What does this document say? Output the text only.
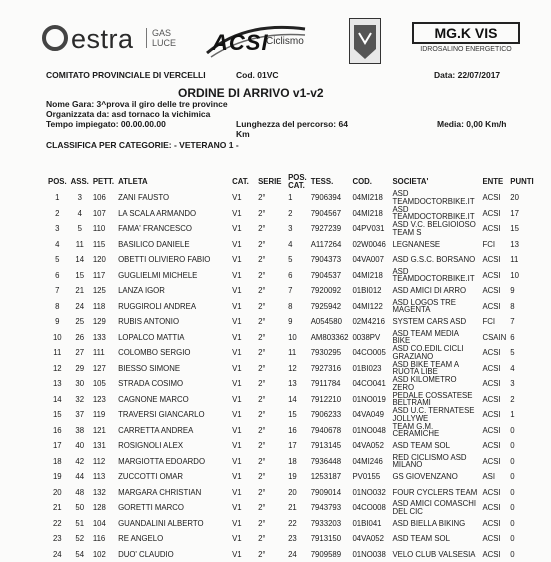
estra	GAS
LUCE ACSI
Ciclismo
MG.K VIS
IDROSALINO ENERGETICO
COMITATO PROVINCIALE DI VERCELLI	Cod. 01VC	Data: 22/07/2017
ORDINE DI ARRIVO v1-v2
Nome Gara: 3^prova il giro delle tre province
Organizzata da: asd tornaco la vichimica
Tempo impiegato: 00.00.00.00	Lunghezza del percorso: 64
Km
Media: 0,00 Km/h
CLASSIFICA PER CATEGORIE: - VETERANO 1 -
POS.	ASS.	PETT.	ATLETA	CAT.	SERIE	POS. CAT.	TESS.	COD.	SOCIETA'	ENTE	PUNTI
1	3	106	ZANI FAUSTO	V1	2°	1	7906394	04MI218	ASD TEAMDOCTORBIKE.IT	ACSI	20
2	4	107	LA SCALA ARMANDO	V1	2°	2	7904567	04MI218	ASD TEAMDOCTORBIKE.IT	ACSI	17
3	5	110	FAMA' FRANCESCO	V1	2°	3	7927239	04PV031	ASD V.C. BELGIOIOSO TEAM S	ACSI	15
4	11	115	BASILICO DANIELE	V1	2°	4	A117264	02W0046	LEGNANESE	FCI	13
5	14	120	OBETTI OLIVIERO FABIO	V1	2°	5	7904373	04VA007	ASD G.S.C. BORSANO	ACSI	11
6	15	117	GUGLIELMI MICHELE	V1	2°	6	7904537	04MI218	ASD TEAMDOCTORBIKE.IT	ACSI	10
7	21	125	LANZA IGOR	V1	2°	7	7920092	01BI012	ASD AMICI DI ARRO	ACSI	9
8	24	118	RUGGIROLI ANDREA	V1	2°	8	7925942	04MI122	ASD LOGOS TRE MAGENTA	ACSI	8
9	25	129	RUBIS ANTONIO	V1	2°	9	A054580	02M4216	SYSTEM CARS ASD	FCI	7
10	26	133	LOPALCO MATTIA	V1	2°	10	AM803362	0038PV	ASD TEAM MEDIA BIKE	CSAIN	6
11	27	111	COLOMBO SERGIO	V1	2°	11	7930295	04CO005	ASD CO.EDIL CICLI GRAZIANO	ACSI	5
12	29	127	BIESSO SIMONE	V1	2°	12	7927316	01BI023	ASD BIKE TEAM A RUOTA LIBE	ACSI	4
13	30	105	STRADA COSIMO	V1	2°	13	7911784	04CO041	ASD KILOMETRO ZERO	ACSI	3
14	32	123	CAGNONE MARCO	V1	2°	14	7912210	01NO019	PEDALE COSSATESE BELTRAMI	ACSI	2
15	37	119	TRAVERSI GIANCARLO	V1	2°	15	7906233	04VA049	ASD U.C. TERNATESE JOLLYWE	ACSI	1
16	38	121	CARRETTA ANDREA	V1	2°	16	7940678	01NO048	TEAM G.M. CERAMICHE	ACSI	0
17	40	131	ROSIGNOLI ALEX	V1	2°	17	7913145	04VA052	ASD TEAM SOL	ACSI	0
18	42	112	MARGIOTTA EDOARDO	V1	2°	18	7936448	04MI246	RED CICLISMO ASD MILANO	ACSI	0
19	44	113	ZUCCOTTI OMAR	V1	2°	19	1253187	PV0155	GS GIOVENZANO	ASI	0
20	48	132	MARGARA CHRISTIAN	V1	2°	20	7909014	01NO032	FOUR CYCLERS TEAM	ACSI	0
21	50	128	GORETTI MARCO	V1	2°	21	7943793	04CO008	ASD AMICI COMASCHI DEL CIC	ACSI	0
22	51	104	GUANDALINI ALBERTO	V1	2°	22	7933203	01BI041	ASD BIELLA BIKING	ACSI	0
23	52	116	RE ANGELO	V1	2°	23	7913150	04VA052	ASD TEAM SOL	ACSI	0
24	54	102	DUO' CLAUDIO	V1	2°	24	7909589	01NO038	VELO CLUB VALSESIA	ACSI	0
